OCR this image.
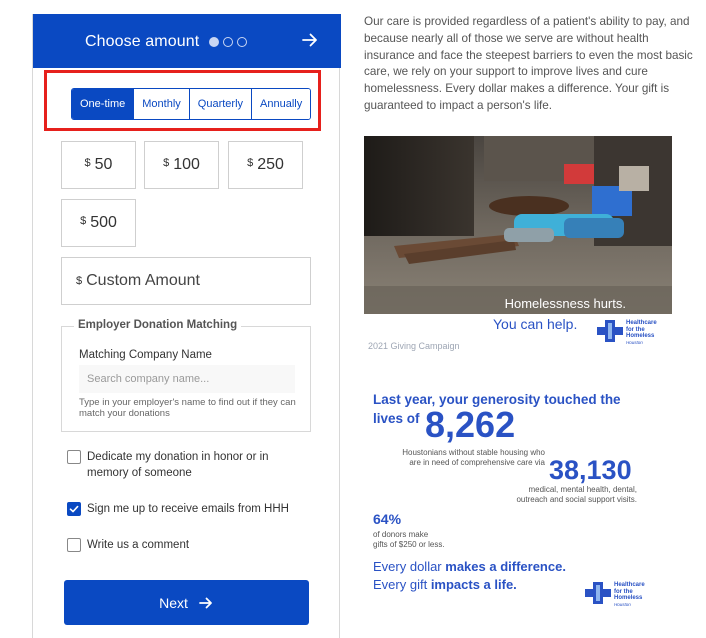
Choose amount
One-time	Monthly	Quarterly	Annually
$ 50	$ 100	$ 250
$ 500
$ Custom Amount
Employer Donation Matching
Matching Company Name
Search company name...
Type in your employer's name to find out if they can match your donations
Dedicate my donation in honor or in memory of someone
Sign me up to receive emails from HHH
Write us a comment
Next

Our care is provided regardless of a patient's ability to pay, and because nearly all of those we serve are without health insurance and face the steepest barriers to even the most basic care, we rely on your support to improve lives and cure homelessness. Every dollar makes a difference. Your gift is guaranteed to impact a person's life.

Homelessness hurts.
You can help.
2021 Giving Campaign
Healthcare
for the
Homeless
Houston
Last year, your generosity touched the
lives of 8,262
Houstonians without stable housing who
are in need of comprehensive care via 38,130
medical, mental health, dental,
outreach and social support visits.
64%
of donors make
gifts of $250 or less.
Every dollar makes a difference.
Every gift impacts a life.	Healthcare
for the
Homeless
Houston
